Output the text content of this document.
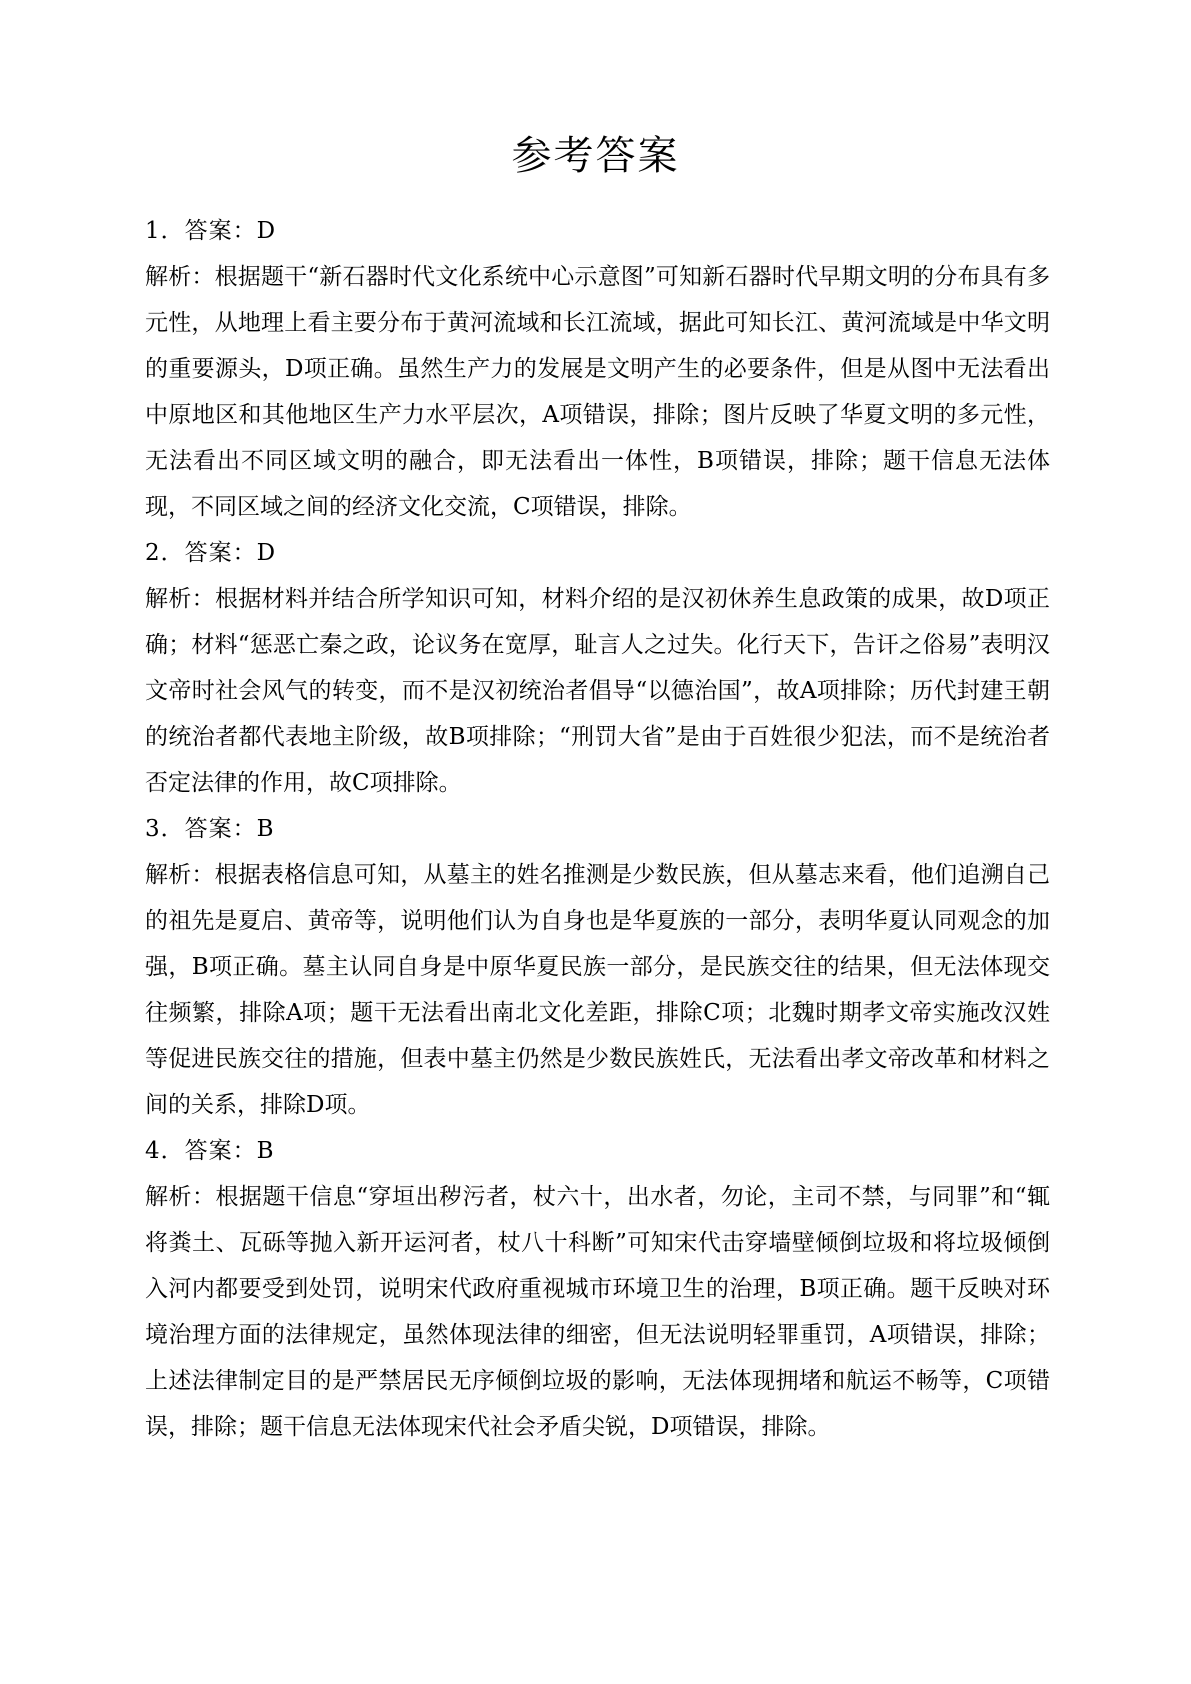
参考答案

1．答案：D

解析：根据题干“新石器时代文化系统中心示意图”可知新石器时代早期文明的分布具有多元性，从地理上看主要分布于黄河流域和长江流域，据此可知长江、黄河流域是中华文明的重要源头，D项正确。虽然生产力的发展是文明产生的必要条件，但是从图中无法看出中原地区和其他地区生产力水平层次，A项错误，排除；图片反映了华夏文明的多元性，无法看出不同区域文明的融合，即无法看出一体性，B项错误，排除；题干信息无法体现，不同区域之间的经济文化交流，C项错误，排除。

2．答案：D

解析：根据材料并结合所学知识可知，材料介绍的是汉初休养生息政策的成果，故D项正确；材料“惩恶亡秦之政，论议务在宽厚，耻言人之过失。化行天下，告讦之俗易”表明汉文帝时社会风气的转变，而不是汉初统治者倡导“以德治国”，故A项排除；历代封建王朝的统治者都代表地主阶级，故B项排除；“刑罚大省”是由于百姓很少犯法，而不是统治者否定法律的作用，故C项排除。

3．答案：B

解析：根据表格信息可知，从墓主的姓名推测是少数民族，但从墓志来看，他们追溯自己的祖先是夏启、黄帝等，说明他们认为自身也是华夏族的一部分，表明华夏认同观念的加强，B项正确。墓主认同自身是中原华夏民族一部分，是民族交往的结果，但无法体现交往频繁，排除A项；题干无法看出南北文化差距，排除C项；北魏时期孝文帝实施改汉姓等促进民族交往的措施，但表中墓主仍然是少数民族姓氏，无法看出孝文帝改革和材料之间的关系，排除D项。

4．答案：B

解析：根据题干信息“穿垣出秽污者，杖六十，出水者，勿论，主司不禁，与同罪”和“辄将粪土、瓦砾等抛入新开运河者，杖八十科断”可知宋代击穿墙壁倾倒垃圾和将垃圾倾倒入河内都要受到处罚，说明宋代政府重视城市环境卫生的治理，B项正确。题干反映对环境治理方面的法律规定，虽然体现法律的细密，但无法说明轻罪重罚，A项错误，排除；上述法律制定目的是严禁居民无序倾倒垃圾的影响，无法体现拥堵和航运不畅等，C项错误，排除；题干信息无法体现宋代社会矛盾尖锐，D项错误，排除。
